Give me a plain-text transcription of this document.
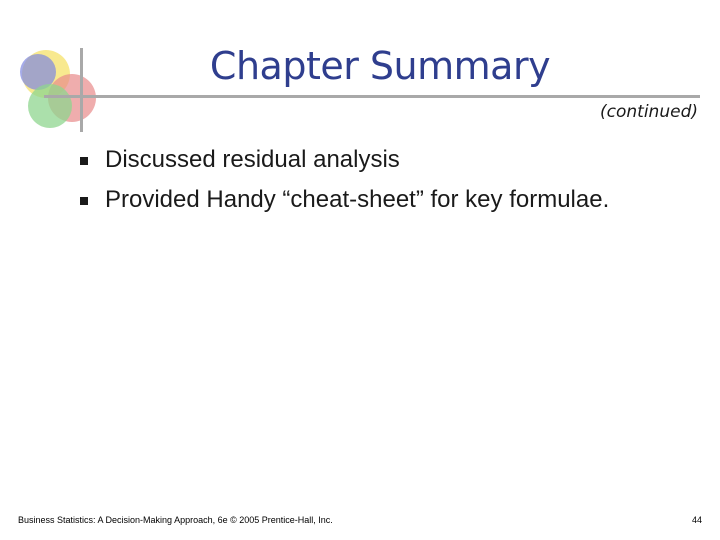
Chapter Summary
(continued)
Discussed residual analysis
Provided Handy “cheat-sheet” for key formulae.
Business Statistics: A Decision-Making Approach, 6e © 2005 Prentice-Hall, Inc.	44
